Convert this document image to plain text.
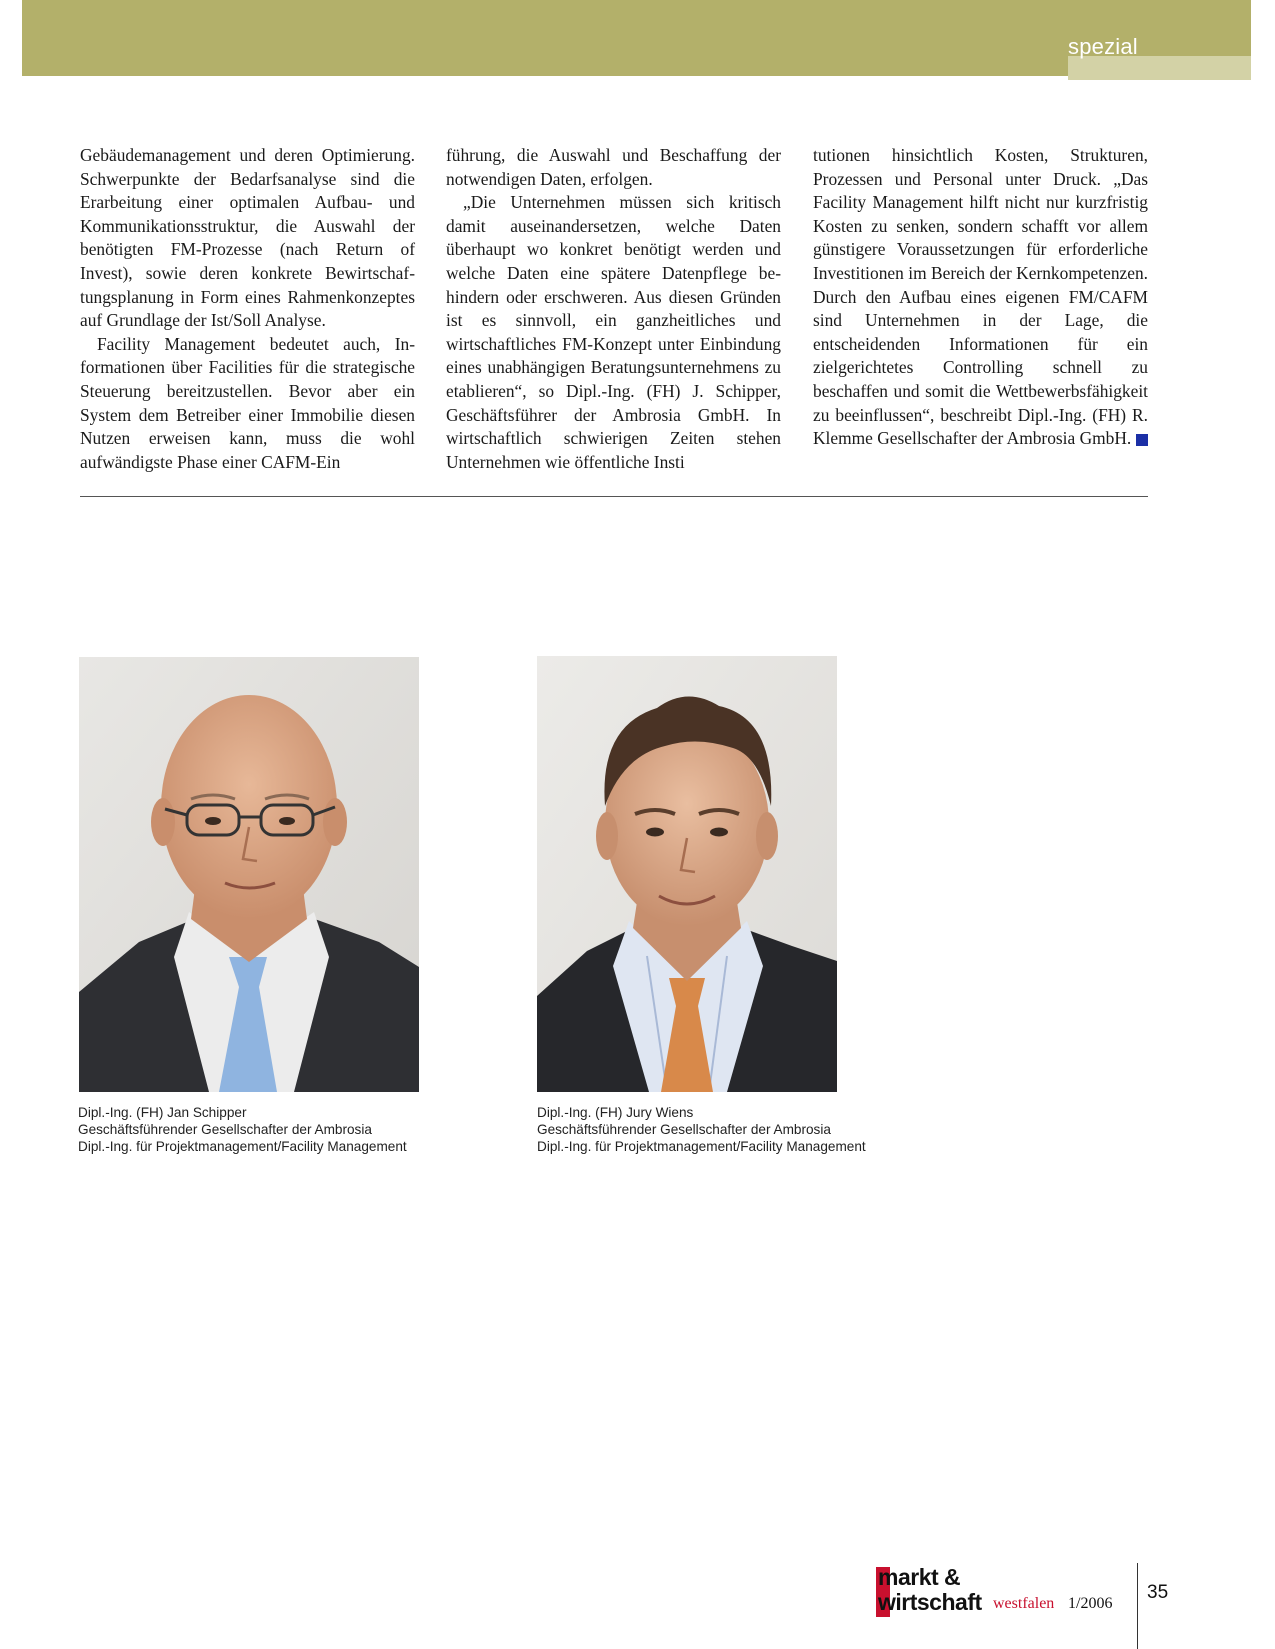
spezial

Gebäudemanagement und deren Optimierung. Schwerpunkte der Bedarfsanalyse sind die Erarbeitung einer optimalen Aufbau- und Kommunikationsstruktur, die Auswahl der benötigten FM-Prozesse (nach Return of Invest), sowie deren konkrete Bewirtschaftungsplanung in Form eines Rahmenkonzeptes auf Grundlage der Ist/Soll Analyse.

Facility Management bedeutet auch, Informationen über Facilities für die strategische Steuerung bereitzustellen. Bevor aber ein System dem Betreiber einer Immobilie diesen Nutzen erweisen kann, muss die wohl aufwändigste Phase einer CAFM-Ein

führung, die Auswahl und Beschaffung der notwendigen Daten, erfolgen.

„Die Unternehmen müssen sich kritisch damit auseinandersetzen, welche Daten überhaupt wo konkret benötigt werden und welche Daten eine spätere Datenpflege behindern oder erschweren. Aus diesen Gründen ist es sinnvoll, ein ganzheitliches und wirtschaftliches FM-Konzept unter Einbindung eines unabhängigen Beratungsunternehmens zu etablieren“, so Dipl.-Ing. (FH) J. Schipper, Geschäftsführer der Ambrosia GmbH. In wirtschaftlich schwierigen Zeiten stehen Unternehmen wie öffentliche Insti

tutionen hinsichtlich Kosten, Strukturen, Prozessen und Personal unter Druck. „Das Facility Management hilft nicht nur kurzfristig Kosten zu senken, sondern schafft vor allem günstigere Voraussetzungen für erforderliche Investitionen im Bereich der Kernkompetenzen. Durch den Aufbau eines eigenen FM/CAFM sind Unternehmen in der Lage, die entscheidenden Informationen für ein zielgerichtetes Controlling schnell zu beschaffen und somit die Wettbewerbsfähigkeit zu beeinflussen“, beschreibt Dipl.-Ing. (FH) R. Klemme Gesellschafter der Ambrosia GmbH.

Dipl.-Ing. (FH) Jan Schipper
Geschäftsführender Gesellschafter der Ambrosia
Dipl.-Ing. für Projektmanagement/Facility Management
Dipl.-Ing. (FH) Jury Wiens
Geschäftsführender Gesellschafter der Ambrosia
Dipl.-Ing. für Projektmanagement/Facility Management
markt &
wirtschaft westfalen 1/2006
35
